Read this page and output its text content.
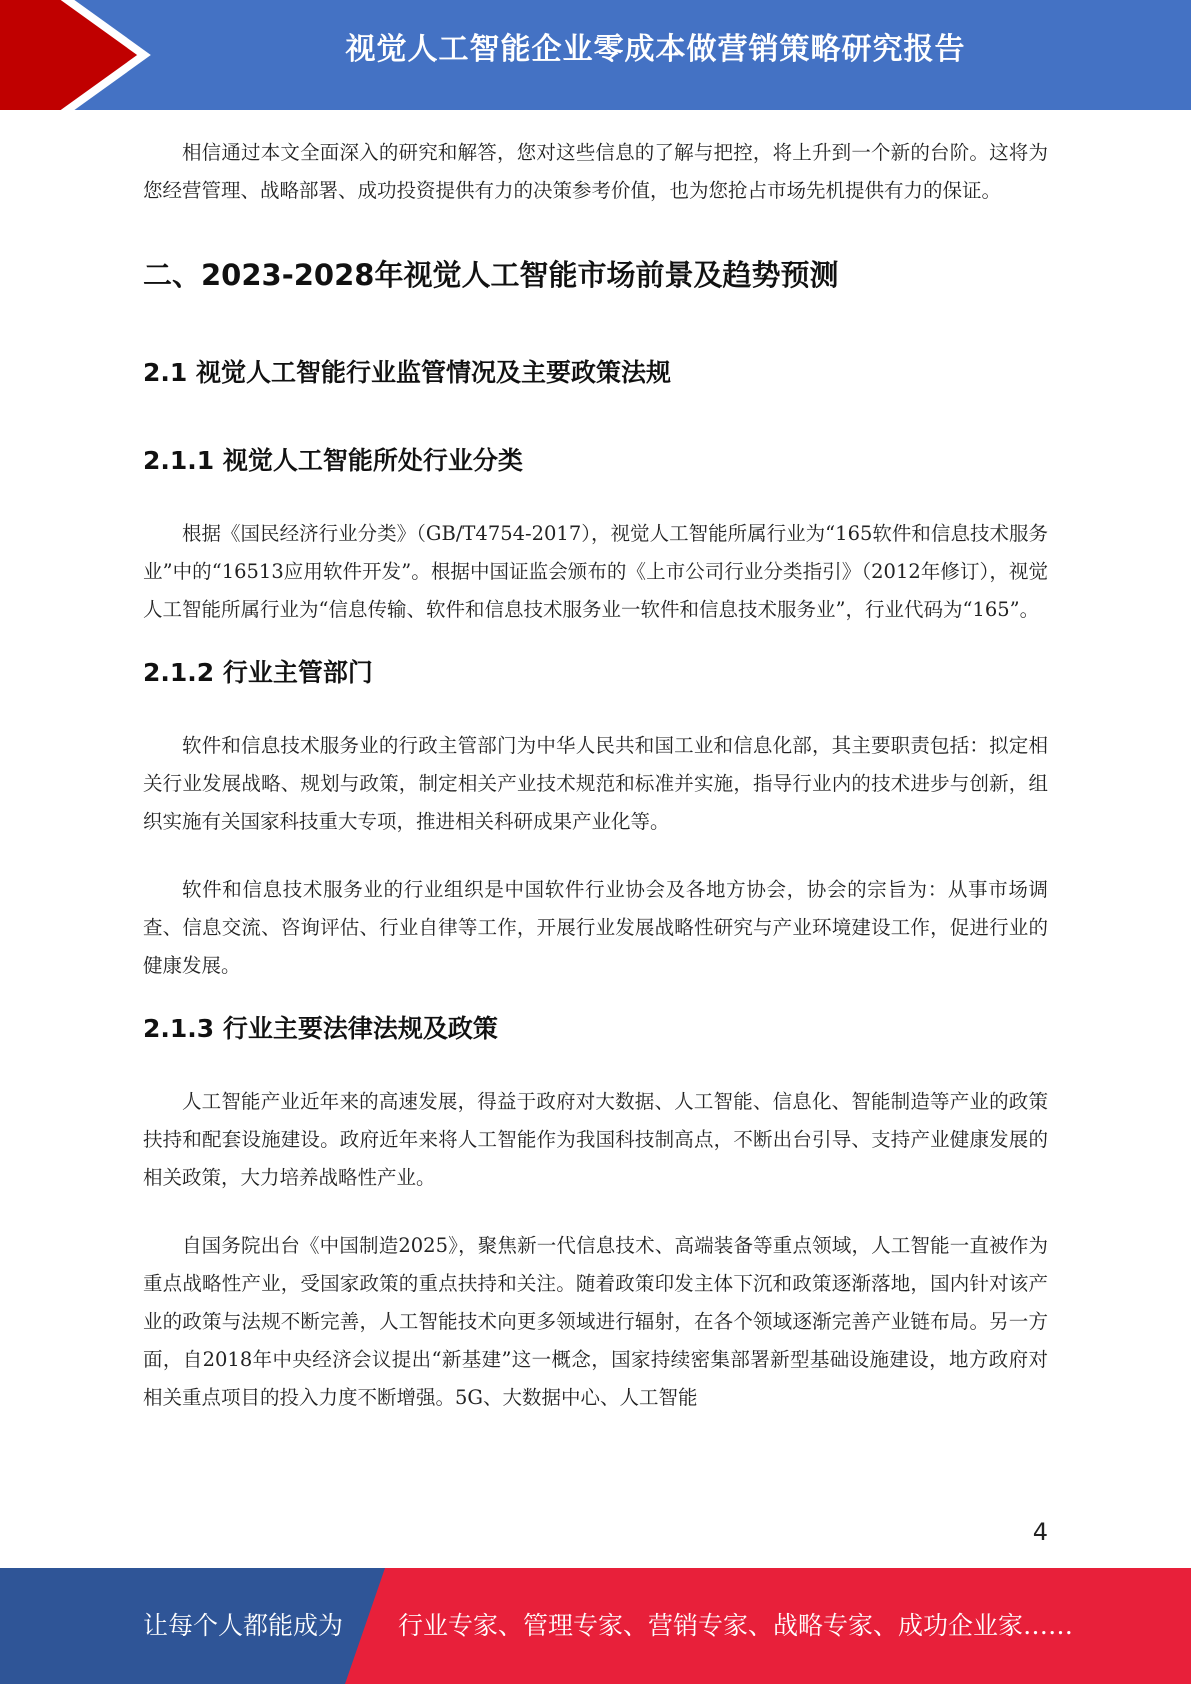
视觉人工智能企业零成本做营销策略研究报告

相信通过本文全面深入的研究和解答，您对这些信息的了解与把控，将上升到一个新的台阶。这将为您经营管理、战略部署、成功投资提供有力的决策参考价值，也为您抢占市场先机提供有力的保证。

二、2023-2028年视觉人工智能市场前景及趋势预测
2.1 视觉人工智能行业监管情况及主要政策法规
2.1.1 视觉人工智能所处行业分类

根据《国民经济行业分类》（GB/T4754-2017），视觉人工智能所属行业为“165软件和信息技术服务业”中的“16513应用软件开发”。根据中国证监会颁布的《上市公司行业分类指引》（2012年修订），视觉人工智能所属行业为“信息传输、软件和信息技术服务业一软件和信息技术服务业”，行业代码为“165”。

2.1.2 行业主管部门

软件和信息技术服务业的行政主管部门为中华人民共和国工业和信息化部，其主要职责包括：拟定相关行业发展战略、规划与政策，制定相关产业技术规范和标准并实施，指导行业内的技术进步与创新，组织实施有关国家科技重大专项，推进相关科研成果产业化等。

软件和信息技术服务业的行业组织是中国软件行业协会及各地方协会，协会的宗旨为：从事市场调查、信息交流、咨询评估、行业自律等工作，开展行业发展战略性研究与产业环境建设工作，促进行业的健康发展。

2.1.3 行业主要法律法规及政策

人工智能产业近年来的高速发展，得益于政府对大数据、人工智能、信息化、智能制造等产业的政策扶持和配套设施建设。政府近年来将人工智能作为我国科技制高点，不断出台引导、支持产业健康发展的相关政策，大力培养战略性产业。

自国务院出台《中国制造2025》，聚焦新一代信息技术、高端装备等重点领域，人工智能一直被作为重点战略性产业，受国家政策的重点扶持和关注。随着政策印发主体下沉和政策逐渐落地，国内针对该产业的政策与法规不断完善，人工智能技术向更多领域进行辐射，在各个领域逐渐完善产业链布局。另一方面，自2018年中央经济会议提出“新基建”这一概念，国家持续密集部署新型基础设施建设，地方政府对相关重点项目的投入力度不断增强。5G、大数据中心、人工智能

4
让每个人都能成为 行业专家、管理专家、营销专家、战略专家、成功企业家……
